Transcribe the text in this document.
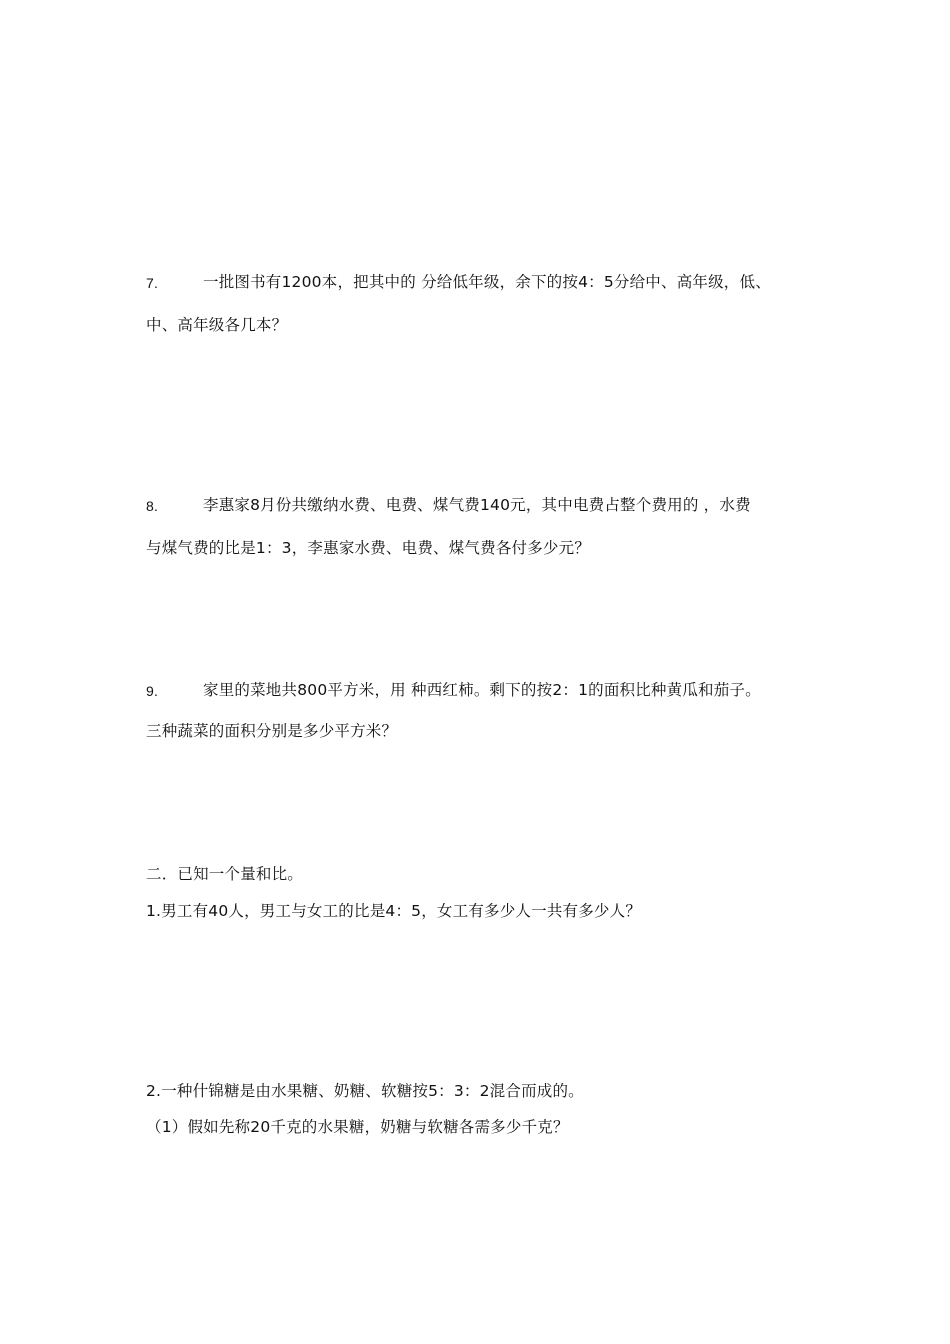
7.	一批图书有1200本，把其中的 分给低年级，余下的按4：5分给中、高年级，低、
中、高年级各几本？
8.	李惠家8月份共缴纳水费、电费、煤气费140元，其中电费占整个费用的 ，水费
与煤气费的比是1：3，李惠家水费、电费、煤气费各付多少元？
9.	家里的菜地共800平方米，用 种西红柿。剩下的按2：1的面积比种黄瓜和茄子。
三种蔬菜的面积分别是多少平方米？
二．已知一个量和比。
1.男工有40人，男工与女工的比是4：5，女工有多少人一共有多少人？
2.一种什锦糖是由水果糖、奶糖、软糖按5：3：2混合而成的。
（1）假如先称20千克的水果糖，奶糖与软糖各需多少千克？
